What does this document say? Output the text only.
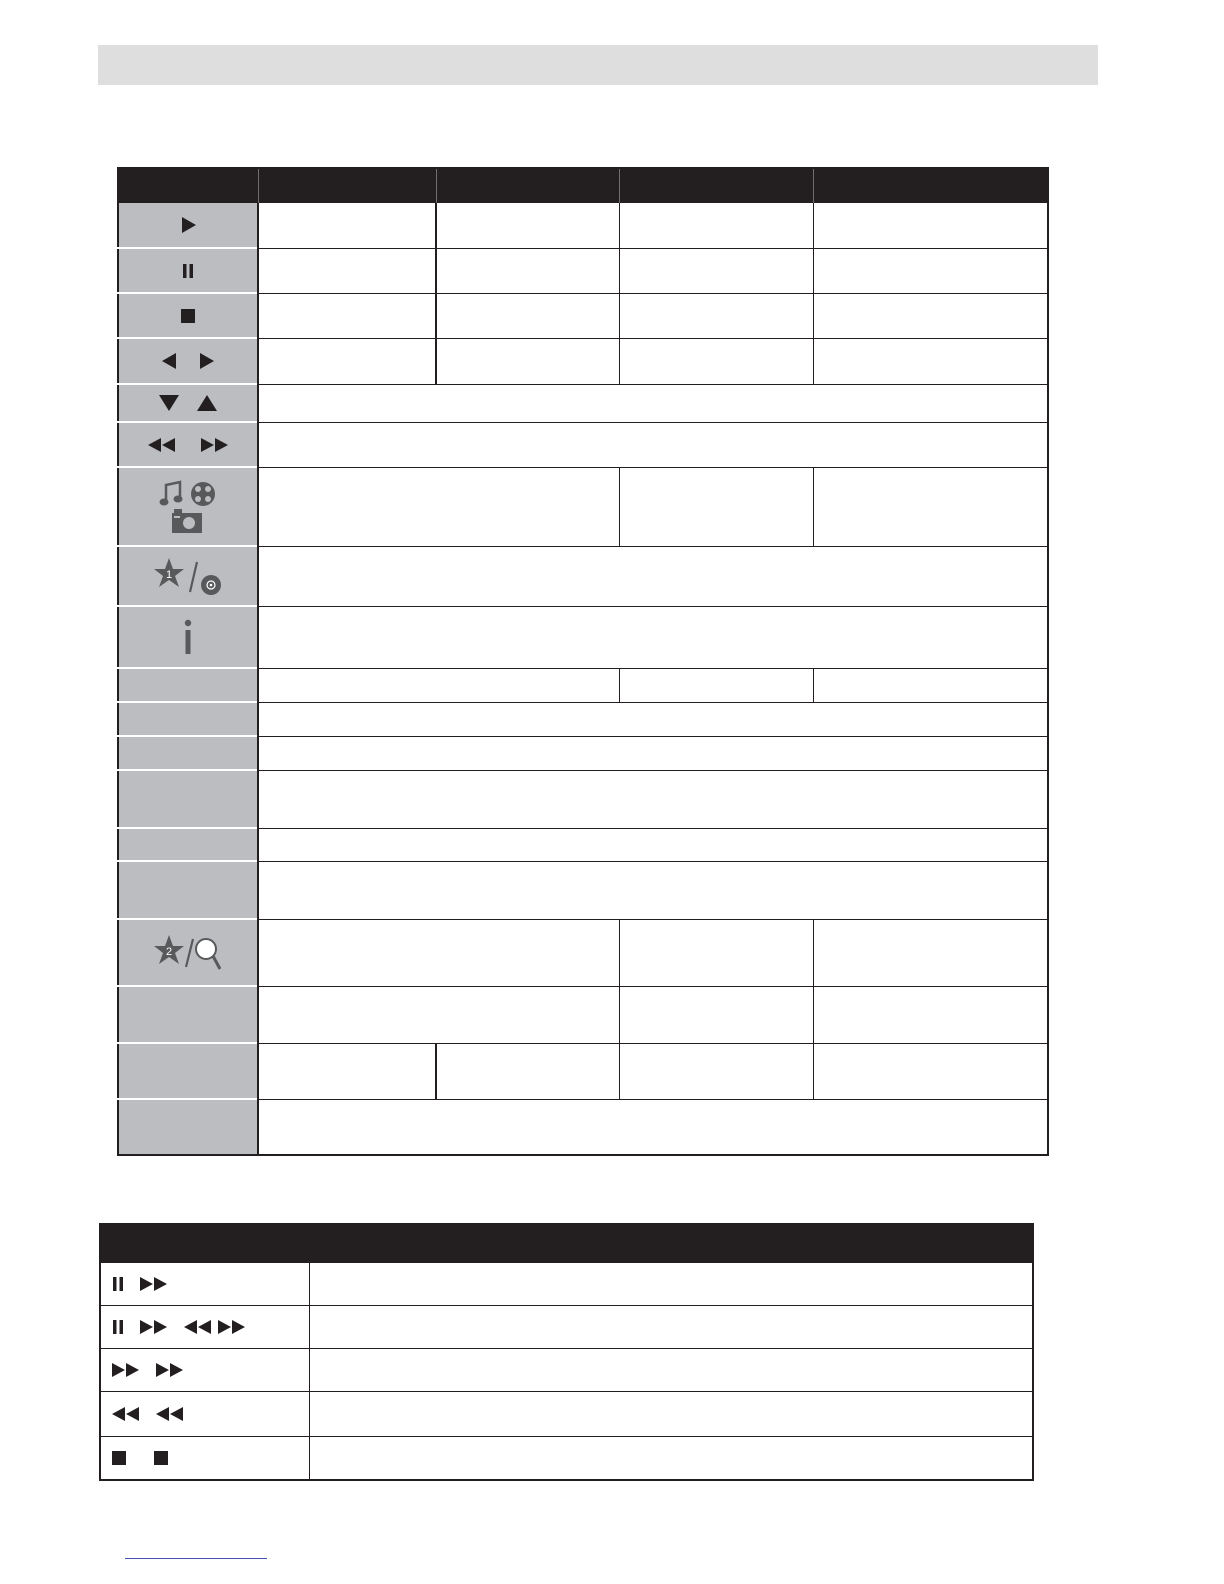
1				

2				
